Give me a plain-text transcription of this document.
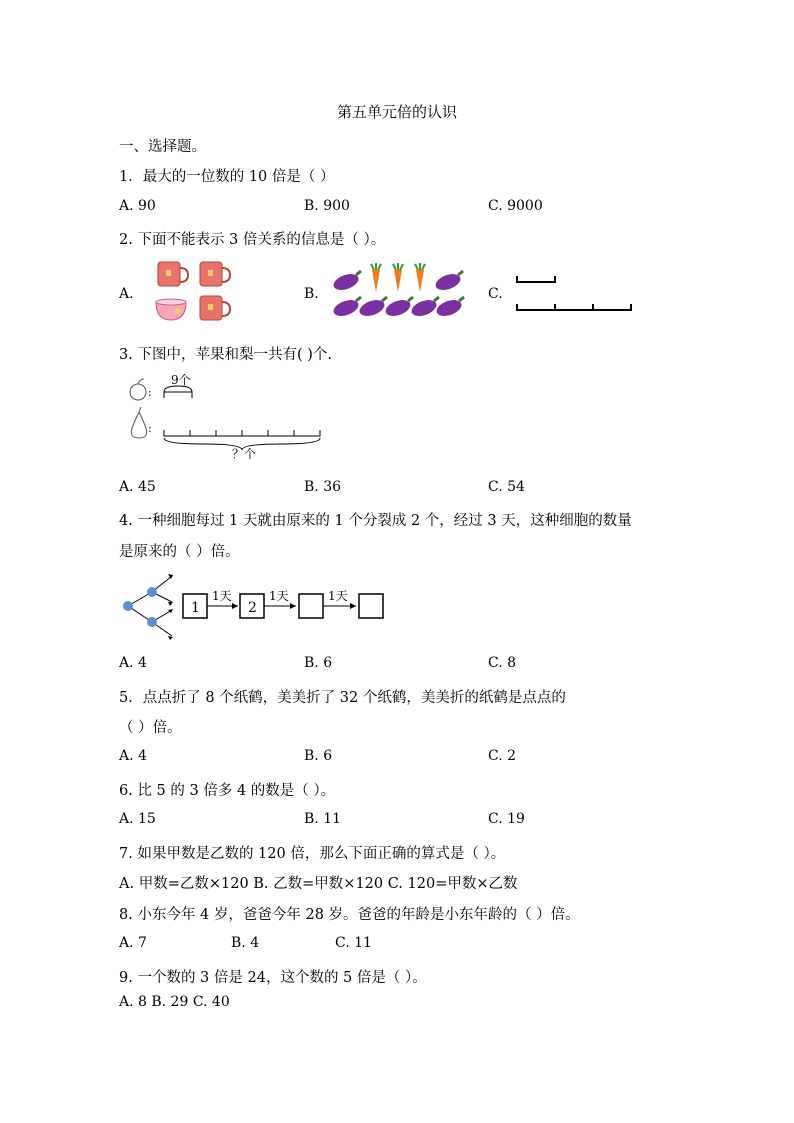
第五单元倍的认识
一、选择题。
1．最大的一位数的 10 倍是（ ）
A. 90	B. 900	C. 9000
2. 下面不能表示 3 倍关系的信息是（ ）。
A.	B.	C.
3. 下图中，苹果和梨一共有( )个.
:
9个
:
？个
A. 45	B. 36	C. 54
4. 一种细胞每过 1 天就由原来的 1 个分裂成 2 个，经过 3 天，这种细胞的数量
是原来的（ ）倍。
1
1天
2
1天	1天
A. 4	B. 6	C. 8
5．点点折了 8 个纸鹤，美美折了 32 个纸鹤，美美折的纸鹤是点点的
（ ）倍。
A. 4	B. 6	C. 2
6. 比 5 的 3 倍多 4 的数是（ ）。
A. 15	B. 11	C. 19
7. 如果甲数是乙数的 120 倍，那么下面正确的算式是（ ）。
A. 甲数=乙数×120 B. 乙数=甲数×120 C. 120=甲数×乙数
8. 小东今年 4 岁，爸爸今年 28 岁。爸爸的年龄是小东年龄的（ ）倍。
A. 7	B. 4	C. 11
9. 一个数的 3 倍是 24，这个数的 5 倍是（ ）。
A. 8 B. 29 C. 40
